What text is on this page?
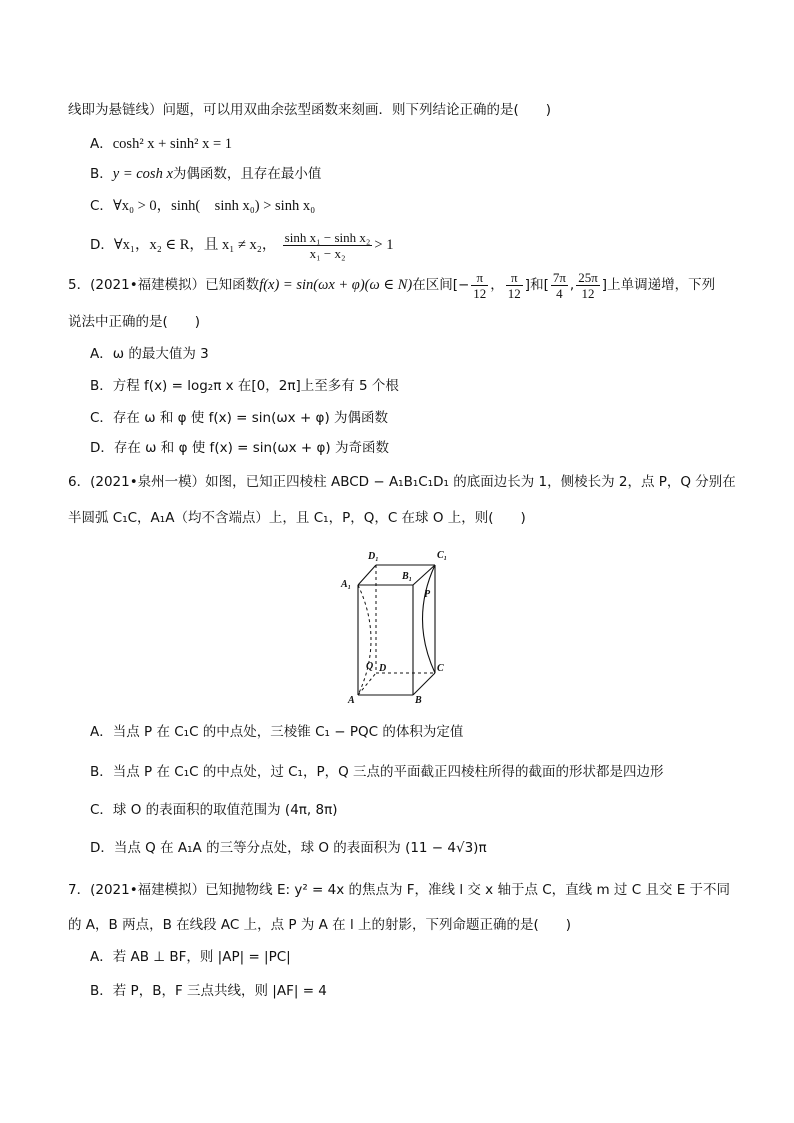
线即为悬链线）问题，可以用双曲余弦型函数来刻画．则下列结论正确的是(　　)
A．cosh² x + sinh² x = 1
B．y = cosh x为偶函数，且存在最小值
C．∀x₀ > 0，sinh(　sinh x₀) > sinh x₀
D．∀x₁，x₂ ∈ R，且 x₁ ≠ x₂， $\frac{\text{sinh x₁ − sinh x₂}}{\text{x₁ − x₂}} > 1$
5．(2021•福建模拟）已知函数f(x) = sin(ωx + φ)(ω ∈ N)在区间[− $\frac{\pi}{12}$ ， $\frac{\pi}{12}$ ]和[ $\frac{7\pi}{4}$ , $\frac{25\pi}{12}$ ]上单调递增，下列
说法中正确的是(　　)
A．ω 的最大值为 3
B．方程 f(x) = log₂π x 在[0，2π]上至多有 5 个根
C．存在 ω 和 φ 使 f(x) = sin(ωx + φ) 为偶函数
D．存在 ω 和 φ 使 f(x) = sin(ωx + φ) 为奇函数
6．(2021•泉州一模）如图，已知正四棱柱 ABCD − A₁B₁C₁D₁ 的底面边长为 1，侧棱长为 2，点 P，Q 分别在
半圆弧 C₁C，A₁A（均不含端点）上，且 C₁，P，Q，C 在球 O 上，则(　　)
D₁	C₁
B₁
A₁
P
Q D	C
A	B
A．当点 P 在 C₁C 的中点处，三棱锥 C₁ − PQC 的体积为定值
B．当点 P 在 C₁C 的中点处，过 C₁，P，Q 三点的平面截正四棱柱所得的截面的形状都是四边形
C．球 O 的表面积的取值范围为 (4π, 8π)
D．当点 Q 在 A₁A 的三等分点处，球 O 的表面积为 (11 − 4√3)π
7．(2021•福建模拟）已知抛物线 E: y² = 4x 的焦点为 F，准线 l 交 x 轴于点 C，直线 m 过 C 且交 E 于不同
的 A，B 两点，B 在线段 AC 上，点 P 为 A 在 l 上的射影，下列命题正确的是(　　)
A．若 AB ⊥ BF，则 |AP| = |PC|
B．若 P，B，F 三点共线，则 |AF| = 4
